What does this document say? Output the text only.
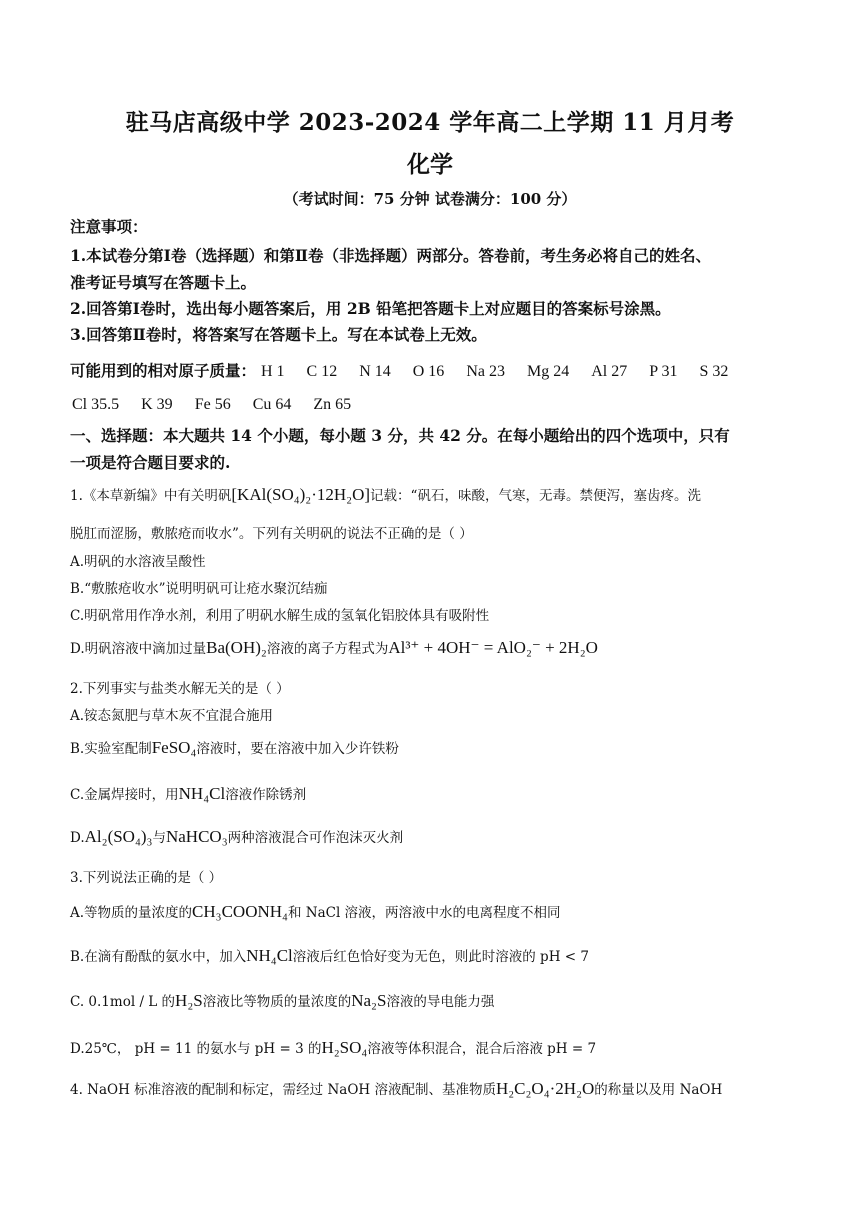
驻马店高级中学 2023-2024 学年高二上学期 11 月月考
化学
（考试时间：75 分钟 试卷满分：100 分）
注意事项：
1.本试卷分第Ⅰ卷（选择题）和第Ⅱ卷（非选择题）两部分。答卷前，考生务必将自己的姓名、
准考证号填写在答题卡上。
2.回答第Ⅰ卷时，选出每小题答案后，用 2B 铅笔把答题卡上对应题目的答案标号涂黑。
3.回答第Ⅱ卷时，将答案写在答题卡上。写在本试卷上无效。
可能用到的相对原子质量： H 1 C 12 N 14 O 16 Na 23 Mg 24 Al 27 P 31 S 32
Cl 35.5 K 39 Fe 56 Cu 64 Zn 65
一、选择题：本大题共 14 个小题，每小题 3 分，共 42 分。在每小题给出的四个选项中，只有
一项是符合题目要求的.
1.《本草新编》中有关明矾[KAl(SO₄)₂·12H₂O]记载：“矾石，味酸，气寒，无毒。禁便泻，塞齿疼。洗
脱肛而涩肠，敷脓疮而收水”。下列有关明矾的说法不正确的是（ ）
A.明矾的水溶液呈酸性
B.“敷脓疮收水”说明明矾可让疮水聚沉结痂
C.明矾常用作净水剂，利用了明矾水解生成的氢氧化铝胶体具有吸附性
D.明矾溶液中滴加过量Ba(OH)₂溶液的离子方程式为Al³⁺ + 4OH⁻ = AlO₂⁻ + 2H₂O
2.下列事实与盐类水解无关的是（ ）
A.铵态氮肥与草木灰不宜混合施用
B.实验室配制FeSO₄溶液时，要在溶液中加入少许铁粉
C.金属焊接时，用NH₄Cl溶液作除锈剂
D.Al₂(SO₄)₃与NaHCO₃两种溶液混合可作泡沫灭火剂
3.下列说法正确的是（ ）
A.等物质的量浓度的CH₃COONH₄和 NaCl 溶液，两溶液中水的电离程度不相同
B.在滴有酚酞的氨水中，加入NH₄Cl溶液后红色恰好变为无色，则此时溶液的 pH < 7
C. 0.1mol / L 的H₂S溶液比等物质的量浓度的Na₂S溶液的导电能力强
D.25℃， pH = 11 的氨水与 pH = 3 的H₂SO₄溶液等体积混合，混合后溶液 pH = 7
4. NaOH 标准溶液的配制和标定，需经过 NaOH 溶液配制、基准物质H₂C₂O₄·2H₂O的称量以及用 NaOH
